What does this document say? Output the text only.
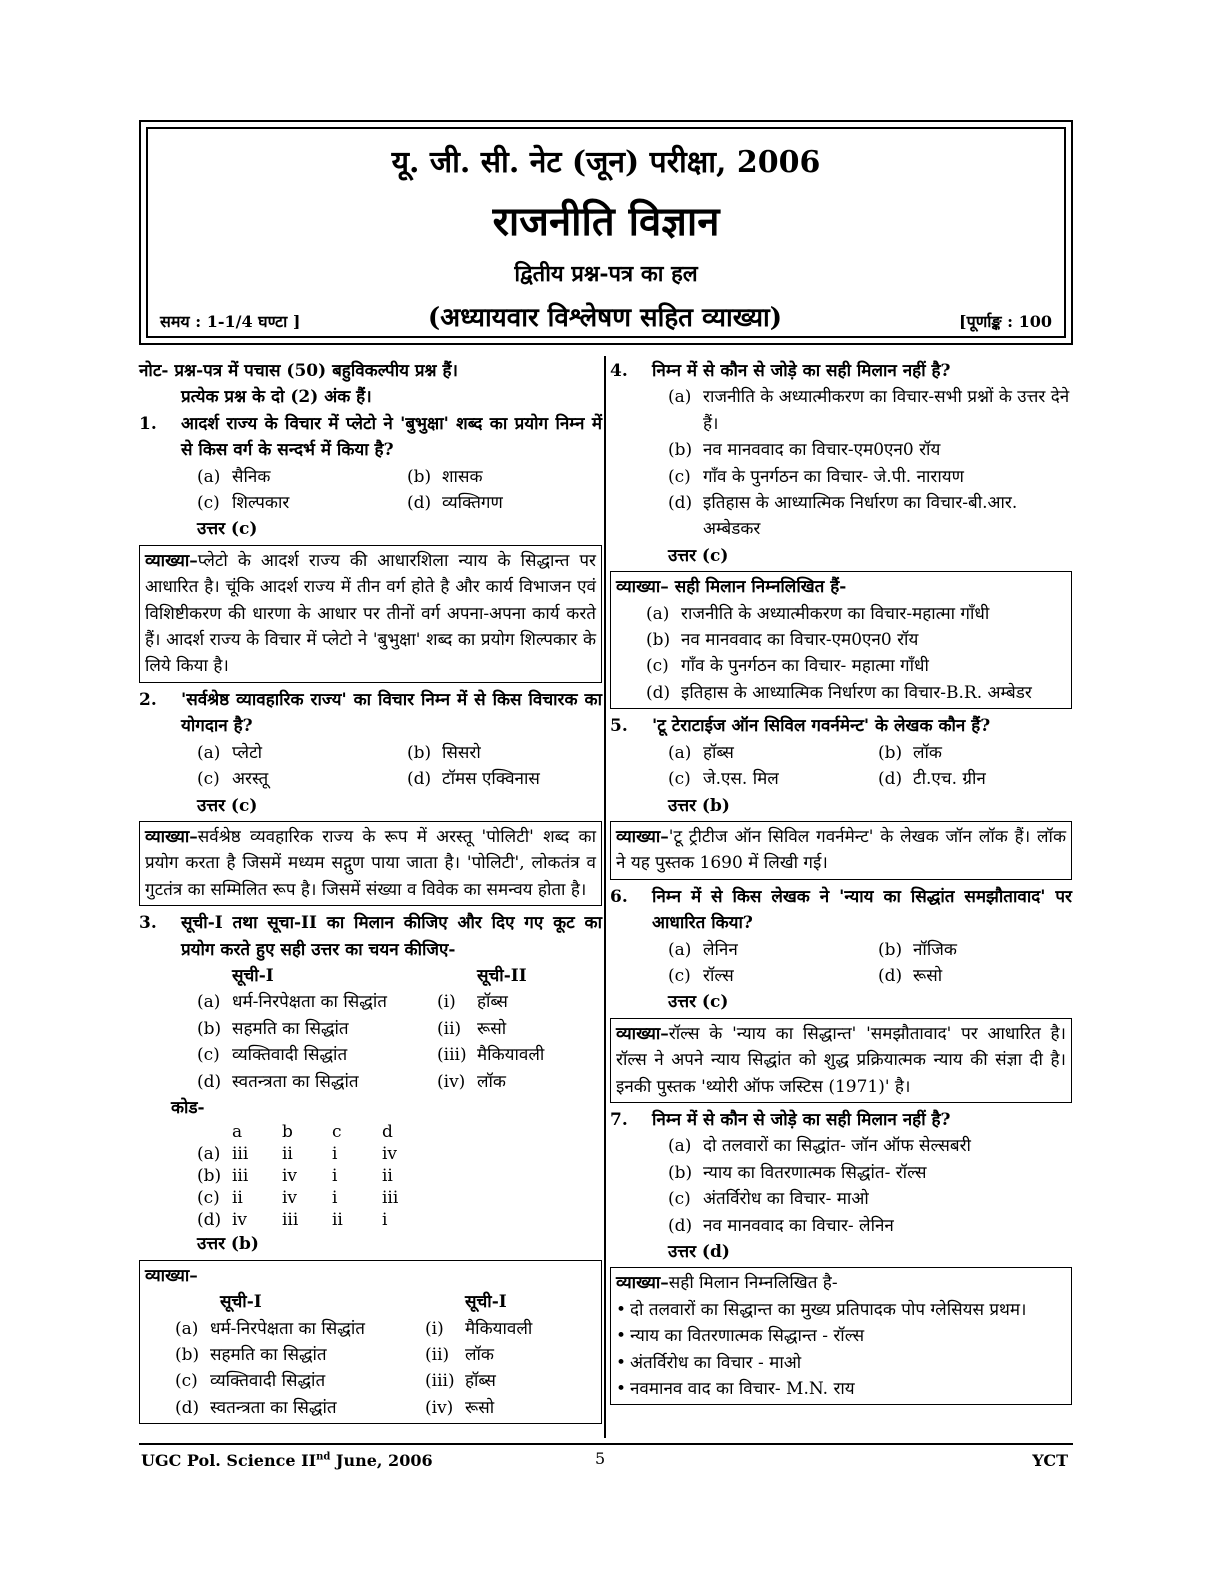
यू. जी. सी. नेट (जून) परीक्षा, 2006
राजनीति विज्ञान
द्वितीय प्रश्न-पत्र का हल
समय : 1-1/4 घण्टा ]	(अध्यायवार विश्लेषण सहित व्याख्या)	[पूर्णाङ्क : 100

नोट- प्रश्न-पत्र में पचास (50) बहुविकल्पीय प्रश्न हैं।

प्रत्येक प्रश्न के दो (2) अंक हैं।

1.	आदर्श राज्य के विचार में प्लेटो ने 'बुभुक्षा' शब्द का प्रयोग निम्न में से किस वर्ग के सन्दर्भ में किया है?
(a) सैनिक	(b) शासक
(c) शिल्पकार	(d) व्यक्तिगण
उत्तर (c)
व्याख्या–प्लेटो के आदर्श राज्य की आधारशिला न्याय के सिद्धान्त पर आधारित है। चूंकि आदर्श राज्य में तीन वर्ग होते है और कार्य विभाजन एवं विशिष्टीकरण की धारणा के आधार पर तीनों वर्ग अपना-अपना कार्य करते हैं। आदर्श राज्य के विचार में प्लेटो ने 'बुभुक्षा' शब्द का प्रयोग शिल्पकार के लिये किया है।
2.	'सर्वश्रेष्ठ व्यावहारिक राज्य' का विचार निम्न में से किस विचारक का योगदान है?
(a) प्लेटो	(b) सिसरो
(c) अरस्तू	(d) टॉमस एक्विनास
उत्तर (c)
व्याख्या–सर्वश्रेष्ठ व्यवहारिक राज्य के रूप में अरस्तू 'पोलिटी' शब्द का प्रयोग करता है जिसमें मध्यम सद्गुण पाया जाता है। 'पोलिटी', लोकतंत्र व गुटतंत्र का सम्मिलित रूप है। जिसमें संख्या व विवेक का समन्वय होता है।
3.	सूची-I तथा सूचा-II का मिलान कीजिए और दिए गए कूट का प्रयोग करते हुए सही उत्तर का चयन कीजिए-
सूची-I	सूची-II
(a) धर्म-निरपेक्षता का सिद्धांत	(i)	हॉब्स
(b) सहमति का सिद्धांत	(ii) रूसो
(c) व्यक्तिवादी सिद्धांत	(iii) मैकियावली
(d) स्वतन्त्रता का सिद्धांत	(iv) लॉक
कोड-
a	b	c	d
(a) iii	ii	i	iv
(b) iii	iv	i	ii
(c) ii	iv	i	iii
(d) iv	iii	ii	i
उत्तर (b)
व्याख्या–
सूची-I	सूची-I
(a) धर्म-निरपेक्षता का सिद्धांत	(i)	मैकियावली
(b) सहमति का सिद्धांत	(ii) लॉक
(c) व्यक्तिवादी सिद्धांत	(iii) हॉब्स
(d) स्वतन्त्रता का सिद्धांत	(iv) रूसो
4.	निम्न में से कौन से जोड़े का सही मिलान नहीं है?
(a) राजनीति के अध्यात्मीकरण का विचार-सभी प्रश्नों के उत्तर देने हैं।
(b) नव मानववाद का विचार-एम0एन0 रॉय
(c) गाँव के पुनर्गठन का विचार- जे.पी. नारायण
(d) इतिहास के आध्यात्मिक निर्धारण का विचार-बी.आर. अम्बेडकर
उत्तर (c)
व्याख्या– सही मिलान निम्नलिखित हैं-
(a) राजनीति के अध्यात्मीकरण का विचार-महात्मा गाँधी
(b) नव मानववाद का विचार-एम0एन0 रॉय
(c) गाँव के पुनर्गठन का विचार- महात्मा गाँधी
(d) इतिहास के आध्यात्मिक निर्धारण का विचार-B.R. अम्बेडर
5.	'टू टेराटाईज ऑन सिविल गवर्नमेन्ट' के लेखक कौन हैं?
(a) हॉब्स	(b) लॉक
(c) जे.एस. मिल	(d) टी.एच. ग्रीन
उत्तर (b)
व्याख्या–'टू ट्रीटीज ऑन सिविल गवर्नमेन्ट' के लेखक जॉन लॉक हैं। लॉक ने यह पुस्तक 1690 में लिखी गई।
6.	निम्न में से किस लेखक ने 'न्याय का सिद्धांत समझौतावाद' पर आधारित किया?
(a) लेनिन	(b) नॉजिक
(c) रॉल्स	(d) रूसो
उत्तर (c)
व्याख्या–रॉल्स के 'न्याय का सिद्धान्त' 'समझौतावाद' पर आधारित है। रॉल्स ने अपने न्याय सिद्धांत को शुद्ध प्रक्रियात्मक न्याय की संज्ञा दी है। इनकी पुस्तक 'थ्योरी ऑफ जस्टिस (1971)' है।
7.	निम्न में से कौन से जोड़े का सही मिलान नहीं है?
(a) दो तलवारों का सिद्धांत- जॉन ऑफ सेल्सबरी
(b) न्याय का वितरणात्मक सिद्धांत- रॉल्स
(c) अंतर्विरोध का विचार- माओ
(d) नव मानववाद का विचार- लेनिन
उत्तर (d)
व्याख्या–सही मिलान निम्नलिखित है-
• दो तलवारों का सिद्धान्त का मुख्य प्रतिपादक पोप ग्लेसियस प्रथम।
• न्याय का वितरणात्मक सिद्धान्त - रॉल्स
• अंतर्विरोध का विचार - माओ
• नवमानव वाद का विचार- M.N. राय
UGC Pol. Science IInd June, 2006	5	YCT
